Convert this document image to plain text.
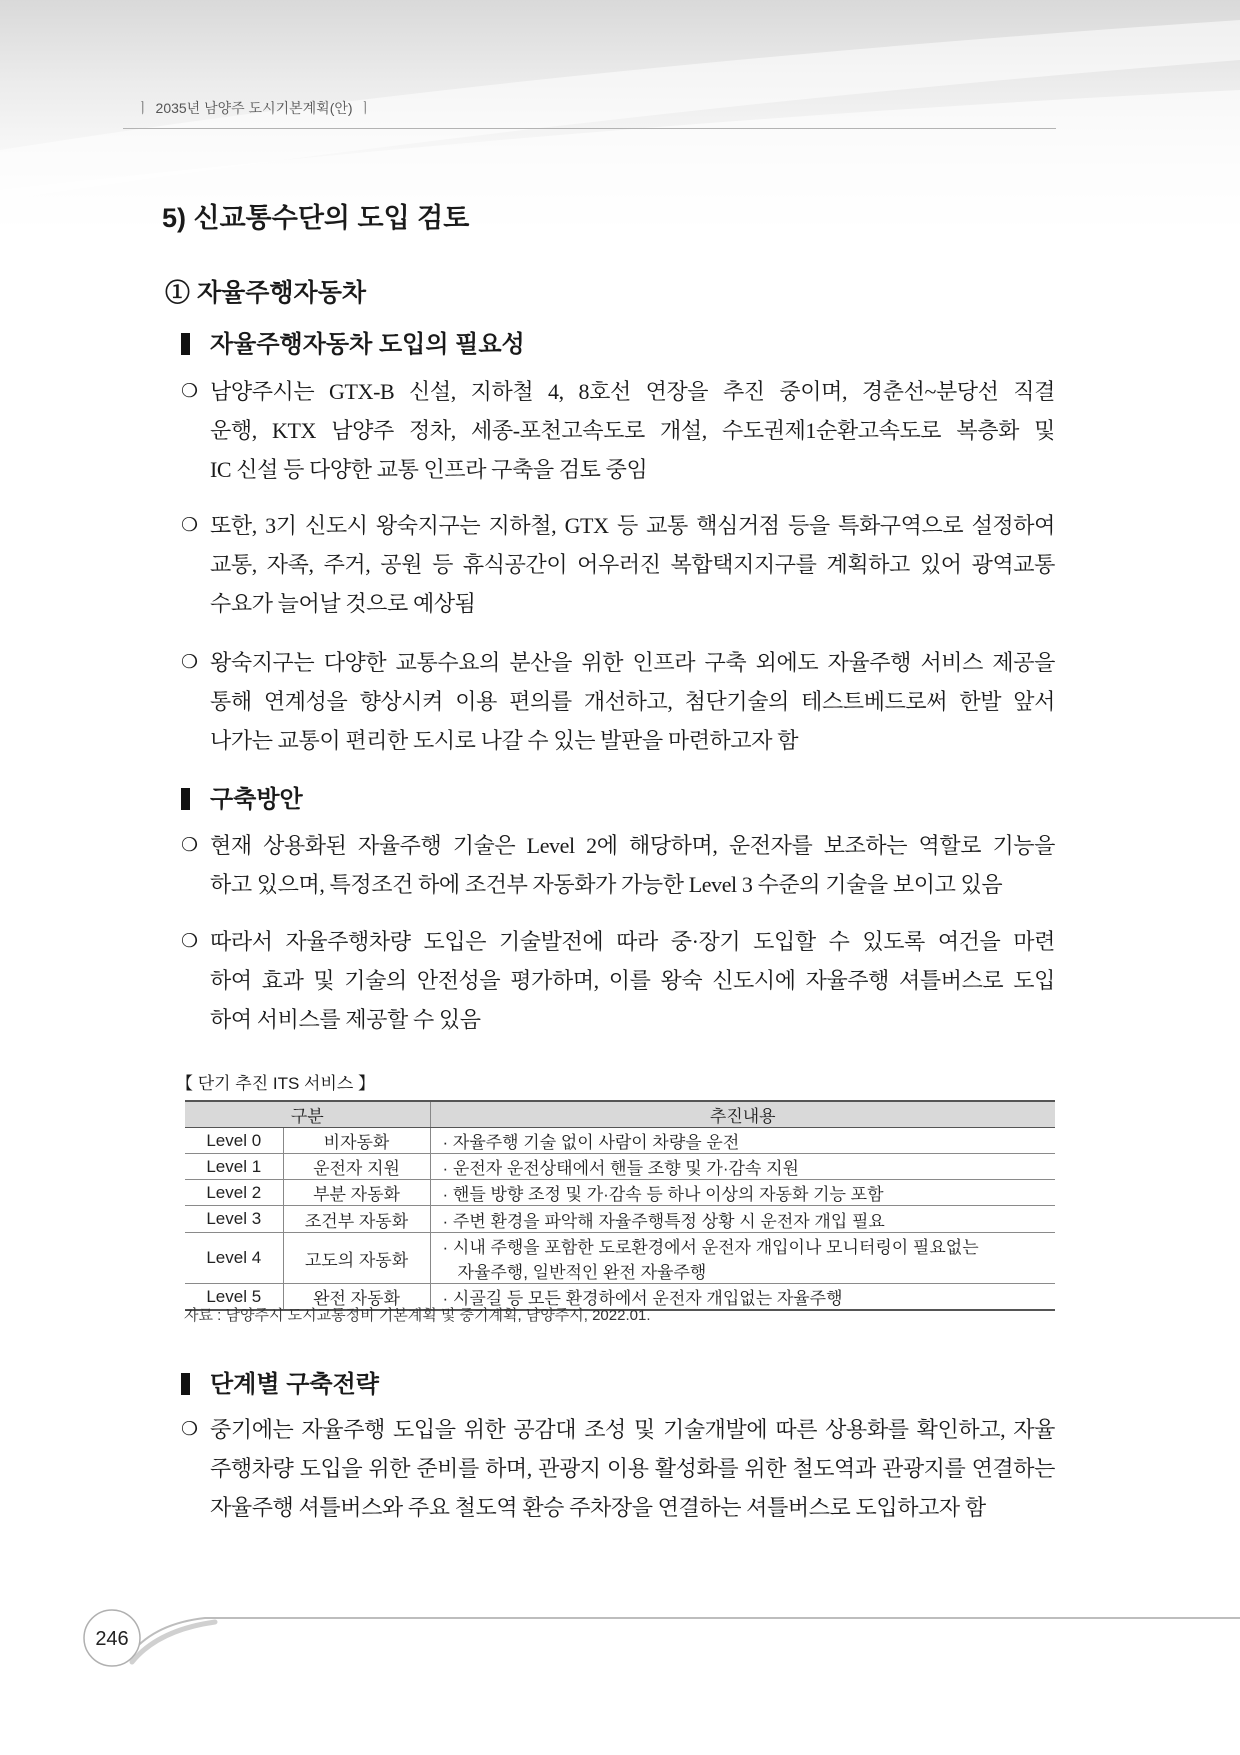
ㅣ 2035년 남양주 도시기본계획(안) ㅣ
5) 신교통수단의 도입 검토
① 자율주행자동차
자율주행자동차 도입의 필요성
❍ 남양주시는 GTX-B 신설, 지하철 4, 8호선 연장을 추진 중이며, 경춘선~분당선 직결
운행, KTX 남양주 정차, 세종-포천고속도로 개설, 수도권제1순환고속도로 복층화 및
IC 신설 등 다양한 교통 인프라 구축을 검토 중임
❍ 또한, 3기 신도시 왕숙지구는 지하철, GTX 등 교통 핵심거점 등을 특화구역으로 설정하여
교통, 자족, 주거, 공원 등 휴식공간이 어우러진 복합택지지구를 계획하고 있어 광역교통
수요가 늘어날 것으로 예상됨
❍ 왕숙지구는 다양한 교통수요의 분산을 위한 인프라 구축 외에도 자율주행 서비스 제공을
통해 연계성을 향상시켜 이용 편의를 개선하고, 첨단기술의 테스트베드로써 한발 앞서
나가는 교통이 편리한 도시로 나갈 수 있는 발판을 마련하고자 함
구축방안
❍ 현재 상용화된 자율주행 기술은 Level 2에 해당하며, 운전자를 보조하는 역할로 기능을
하고 있으며, 특정조건 하에 조건부 자동화가 가능한 Level 3 수준의 기술을 보이고 있음
❍ 따라서 자율주행차량 도입은 기술발전에 따라 중·장기 도입할 수 있도록 여건을 마련
하여 효과 및 기술의 안전성을 평가하며, 이를 왕숙 신도시에 자율주행 셔틀버스로 도입
하여 서비스를 제공할 수 있음
【 단기 추진 ITS 서비스 】
구분		추진내용
Level 0	비자동화	· 자율주행 기술 없이 사람이 차량을 운전
Level 1	운전자 지원	· 운전자 운전상태에서 핸들 조향 및 가·감속 지원
Level 2	부분 자동화	· 핸들 방향 조정 및 가·감속 등 하나 이상의 자동화 기능 포함
Level 3	조건부 자동화	· 주변 환경을 파악해 자율주행특정 상황 시 운전자 개입 필요
Level 4	고도의 자동화	· 시내 주행을 포함한 도로환경에서 운전자 개입이나 모니터링이 필요없는
자율주행, 일반적인 완전 자율주행

Level 5	완전 자동화	· 시골길 등 모든 환경하에서 운전자 개입없는 자율주행
자료 : 남양주시 도시교통정비 기본계획 및 중기계획, 남양주시, 2022.01.
단계별 구축전략
❍ 중기에는 자율주행 도입을 위한 공감대 조성 및 기술개발에 따른 상용화를 확인하고, 자율
주행차량 도입을 위한 준비를 하며, 관광지 이용 활성화를 위한 철도역과 관광지를 연결하는
자율주행 셔틀버스와 주요 철도역 환승 주차장을 연결하는 셔틀버스로 도입하고자 함
246
